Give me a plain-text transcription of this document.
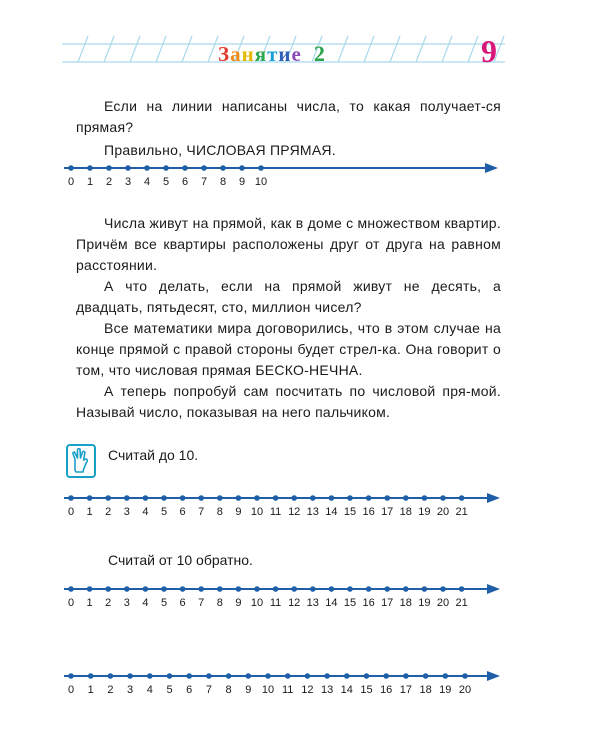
Занятие 2	9

Если на линии написаны числа, то какая получает-ся прямая?

Правильно, ЧИСЛОВАЯ ПРЯМАЯ.

0 1 2 3 4 5 6 7 8 9 10

Числа живут на прямой, как в доме с множеством квартир. Причём все квартиры расположены друг от друга на равном расстоянии.

А что делать, если на прямой живут не десять, а двадцать, пятьдесят, сто, миллион чисел?

Все математики мира договорились, что в этом случае на конце прямой с правой стороны будет стрел-ка. Она говорит о том, что числовая прямая БЕСКО-НЕЧНА.

А теперь попробуй сам посчитать по числовой пря-мой. Называй число, показывая на него пальчиком.

Считай до 10.
0 1 2 3 4 5 6 7 8 9 10 11 12 13 14 15 16 17 18 19 20 21
Считай от 10 обратно.
0 1 2 3 4 5 6 7 8 9 10 11 12 13 14 15 16 17 18 19 20 21
0 1 2 3 4 5 6 7 8 9 10 11 12 13 14 15 16 17 18 19 20
